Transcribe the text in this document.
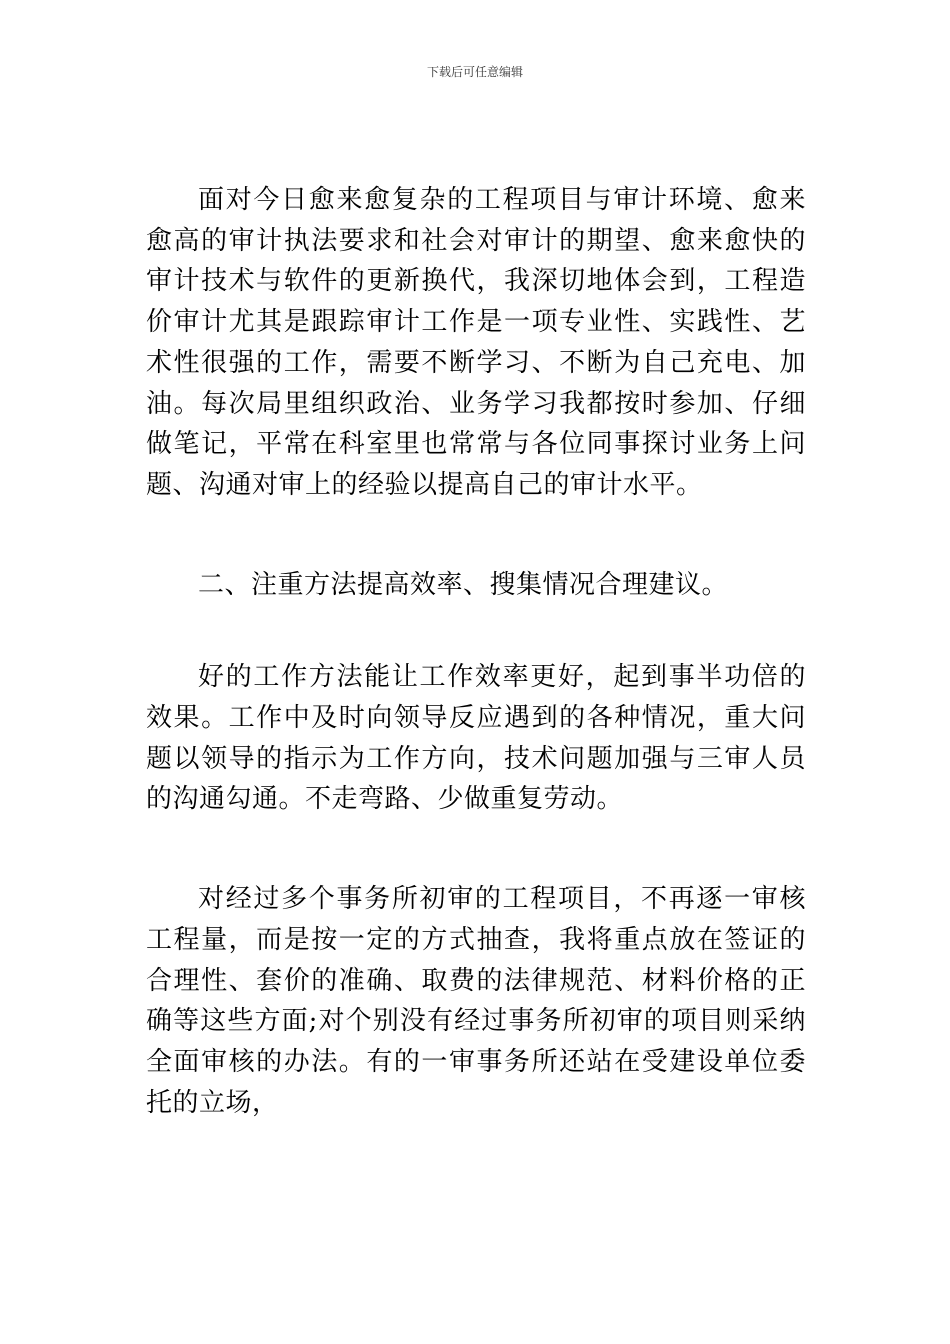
下载后可任意编辑

面对今日愈来愈复杂的工程项目与审计环境、愈来愈高的审计执法要求和社会对审计的期望、愈来愈快的审计技术与软件的更新换代，我深切地体会到，工程造价审计尤其是跟踪审计工作是一项专业性、实践性、艺术性很强的工作，需要不断学习、不断为自己充电、加油。每次局里组织政治、业务学习我都按时参加、仔细做笔记，平常在科室里也常常与各位同事探讨业务上问题、沟通对审上的经验以提高自己的审计水平。

二、注重方法提高效率、搜集情况合理建议。

好的工作方法能让工作效率更好，起到事半功倍的效果。工作中及时向领导反应遇到的各种情况，重大问题以领导的指示为工作方向，技术问题加强与三审人员的沟通勾通。不走弯路、少做重复劳动。

对经过多个事务所初审的工程项目，不再逐一审核工程量，而是按一定的方式抽查，我将重点放在签证的合理性、套价的准确、取费的法律规范、材料价格的正确等这些方面;对个别没有经过事务所初审的项目则采纳全面审核的办法。有的一审事务所还站在受建设单位委托的立场，
